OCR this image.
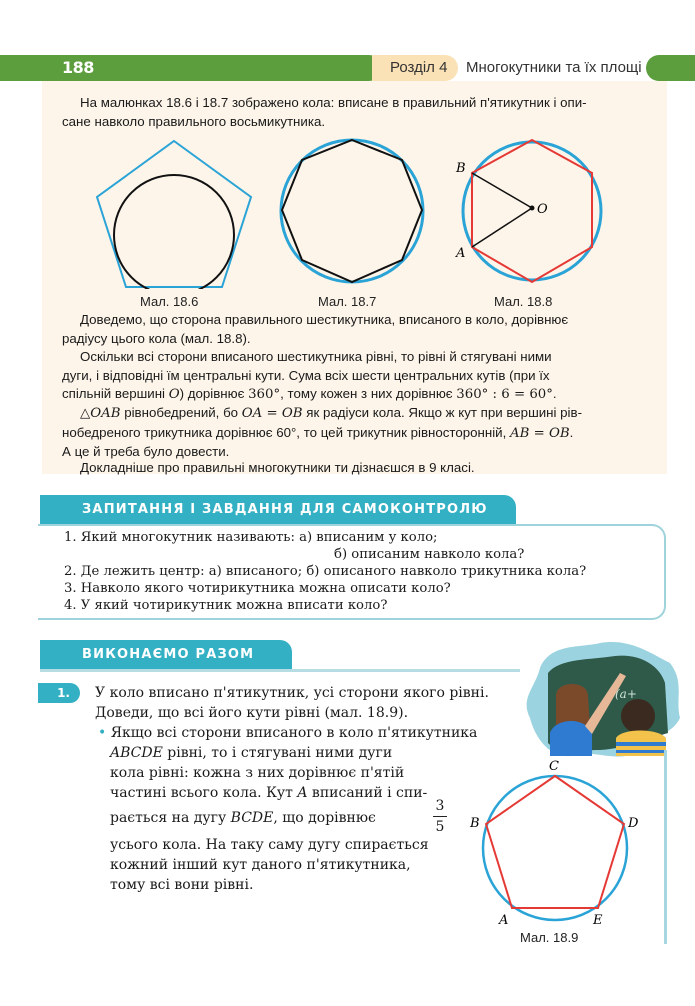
188	Розділ 4	Многокутники та їх площі
На малюнках 18.6 і 18.7 зображено кола: вписане в правильний п'ятикутник і опи-
сане навколо правильного восьмикутника.
Мал. 18.6	Мал. 18.7
B
A
O
Мал. 18.8
Доведемо, що сторона правильного шестикутника, вписаного в коло, дорівнює
радіусу цього кола (мал. 18.8).
Оскільки всі сторони вписаного шестикутника рівні, то рівні й стягувані ними
дуги, і відповідні їм центральні кути. Сума всіх шести центральних кутів (при їх
спільній вершині O) дорівнює 360°, тому кожен з них дорівнює 360° : 6 = 60°.
△OAB рівнобедрений, бо OA = OB як радіуси кола. Якщо ж кут при вершині рів-
нобедреного трикутника дорівнює 60°, то цей трикутник рівносторонній, AB = OB.
А це й треба було довести.
Докладніше про правильні многокутники ти дізнаєшся в 9 класі.
ЗАПИТАННЯ І ЗАВДАННЯ ДЛЯ САМОКОНТРОЛЮ
1. Який многокутник називають: а) вписаним у коло;
б) описаним навколо кола?
2. Де лежить центр: а) вписаного; б) описаного навколо трикутника кола?
3. Навколо якого чотирикутника можна описати коло?
4. У який чотирикутник можна вписати коло?
ВИКОНАЄМО РАЗОМ
(a+
1.	У коло вписано п'ятикутник, усі сторони якого рівні.
Доведи, що всі його кути рівні (мал. 18.9).
• Якщо всі сторони вписаного в коло п'ятикутника
ABCDE рівні, то і стягувані ними дуги
кола рівні: кожна з них дорівнює п'ятій
частині всього кола. Кут A вписаний і спи-
рається на дугу BCDE, що дорівнює
3
5
усього кола. На таку саму дугу спирається
кожний інший кут даного п'ятикутника,
тому всі вони рівні.
C
B	D
A	E
Мал. 18.9
